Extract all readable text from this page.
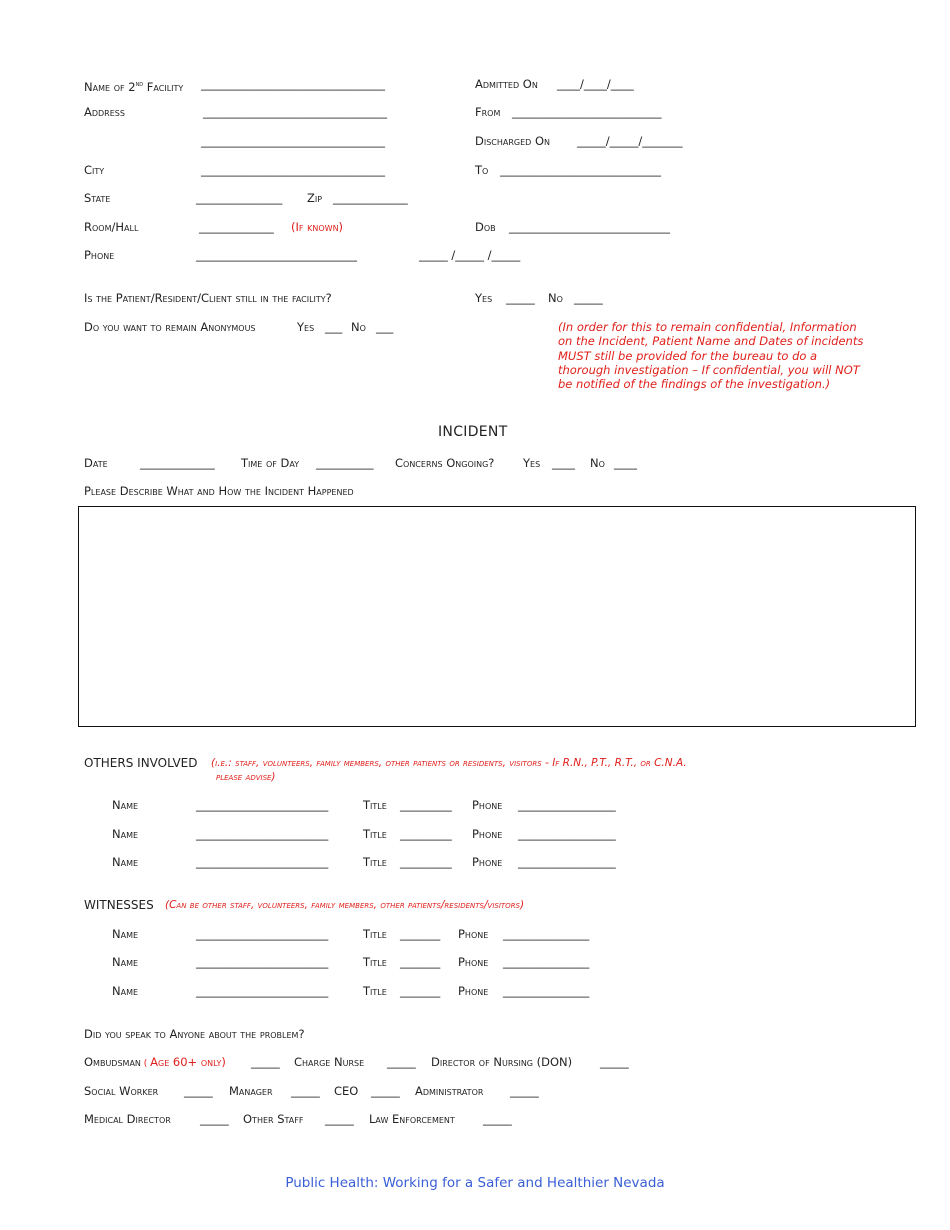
Name of 2nd Facility ________________________________
Address	________________________________
________________________________
City	________________________________
State	_______________ Zip _____________
Room/Hall	_____________ (If known)
Phone	____________________________	_____ /_____ /_____
Admitted On ____/____/____
From __________________________
Discharged On _____/_____/_______
To ____________________________
Dob ____________________________
Is the Patient/Resident/Client still in the facility?	Yes _____ No _____
Do you want to remain Anonymous	Yes ___ No ___	(In order for this to remain confidential, Information on the Incident, Patient Name and Dates of incidents MUST still be provided for the bureau to do a thorough investigation – If confidential, you will NOT be notified of the findings of the investigation.)
INCIDENT
Date	_____________ Time of Day __________ Concerns Ongoing? Yes ____ No ____
Please Describe What and How the Incident Happened
OTHERS INVOLVED (i.e.: staff, volunteers, family members, other patients or residents, visitors - If R.N., P.T., R.T., or C.N.A.
please advise)
Name	_______________________	Title _________ Phone _________________
Name	_______________________	Title _________ Phone _________________
Name	_______________________	Title _________ Phone _________________
WITNESSES (Can be other staff, volunteers, family members, other patients/residents/visitors)
Name	_______________________	Title _______ Phone _______________
Name	_______________________	Title _______ Phone _______________
Name	_______________________	Title _______ Phone _______________
Did you speak to Anyone about the problem?
Ombudsman ( Age 60+ only) _____ Charge Nurse _____ Director of Nursing (DON) _____
Social Worker _____ Manager _____ CEO _____ Administrator _____
Medical Director	_____ Other Staff _____ Law Enforcement _____
Public Health: Working for a Safer and Healthier Nevada
